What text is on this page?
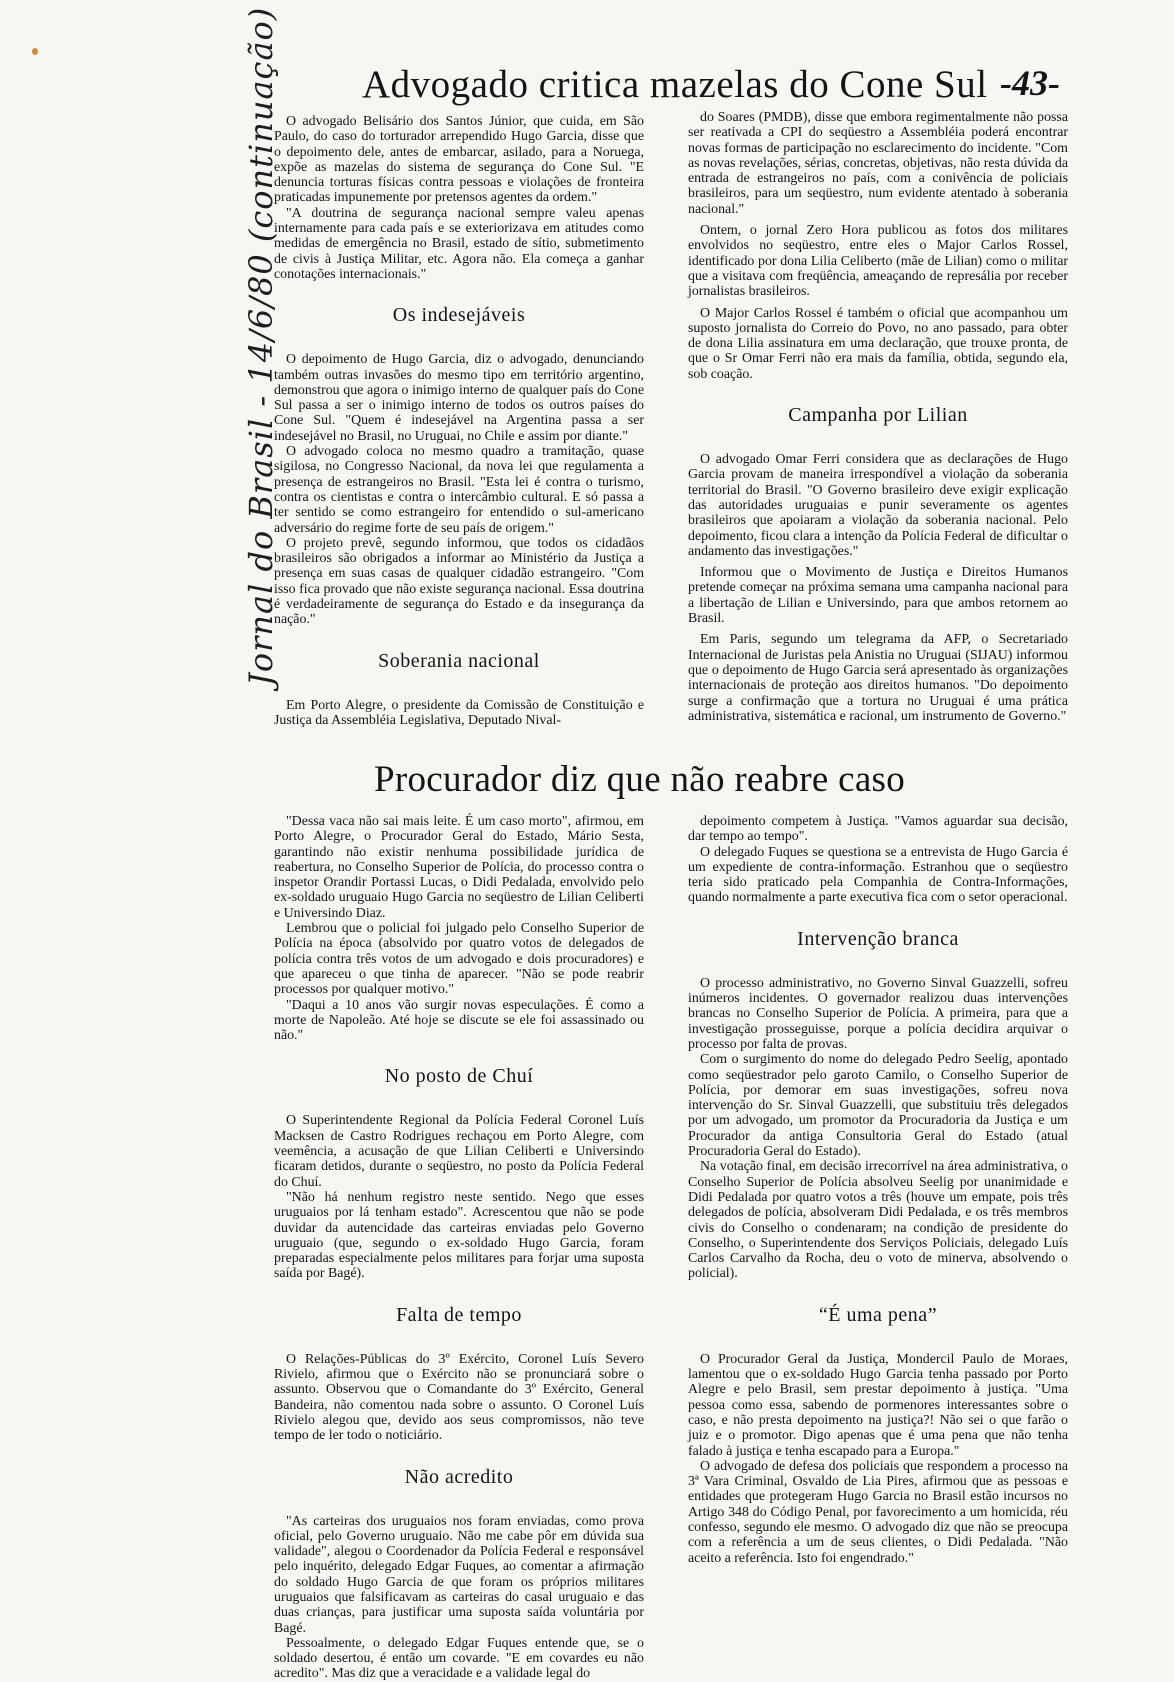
Jornal do Brasil - 14/6/80 (continuação) Advogado critica mazelas do Cone Sul -43-

O advogado Belisário dos Santos Júnior, que cuida, em São Paulo, do caso do torturador arrependido Hugo Garcia, disse que o depoimento dele, antes de embarcar, asilado, para a Noruega, expõe as mazelas do sistema de segurança do Cone Sul. "E denuncia torturas físicas contra pessoas e violações de fronteira praticadas impunemente por pretensos agentes da ordem."

"A doutrina de segurança nacional sempre valeu apenas internamente para cada país e se exteriorizava em atitudes como medidas de emergência no Brasil, estado de sítio, submetimento de civis à Justiça Militar, etc. Agora não. Ela começa a ganhar conotações internacionais."

Os indesejáveis

O depoimento de Hugo Garcia, diz o advogado, denunciando também outras invasões do mesmo tipo em território argentino, demonstrou que agora o inimigo interno de qualquer país do Cone Sul passa a ser o inimigo interno de todos os outros países do Cone Sul. "Quem é indesejável na Argentina passa a ser indesejável no Brasil, no Uruguai, no Chile e assim por diante."

O advogado coloca no mesmo quadro a tramitação, quase sigilosa, no Congresso Nacional, da nova lei que regulamenta a presença de estrangeiros no Brasil. "Esta lei é contra o turismo, contra os cientistas e contra o intercâmbio cultural. E só passa a ter sentido se como estrangeiro for entendido o sul-americano adversário do regime forte de seu país de origem."

O projeto prevê, segundo informou, que todos os cidadãos brasileiros são obrigados a informar ao Ministério da Justiça a presença em suas casas de qualquer cidadão estrangeiro. "Com isso fica provado que não existe segurança nacional. Essa doutrina é verdadeiramente de segurança do Estado e da insegurança da nação."

Soberania nacional

Em Porto Alegre, o presidente da Comissão de Constituição e Justiça da Assembléia Legislativa, Deputado Nival-

do Soares (PMDB), disse que embora regimentalmente não possa ser reativada a CPI do seqüestro a Assembléia poderá encontrar novas formas de participação no esclarecimento do incidente. "Com as novas revelações, sérias, concretas, objetivas, não resta dúvida da entrada de estrangeiros no país, com a conivência de policiais brasileiros, para um seqüestro, num evidente atentado à soberania nacional."

Ontem, o jornal Zero Hora publicou as fotos dos militares envolvidos no seqüestro, entre eles o Major Carlos Rossel, identificado por dona Lilia Celiberto (mãe de Lilian) como o militar que a visitava com freqüência, ameaçando de represália por receber jornalistas brasileiros.

O Major Carlos Rossel é também o oficial que acompanhou um suposto jornalista do Correio do Povo, no ano passado, para obter de dona Lilia assinatura em uma declaração, que trouxe pronta, de que o Sr Omar Ferri não era mais da família, obtida, segundo ela, sob coação.

Campanha por Lilian

O advogado Omar Ferri considera que as declarações de Hugo Garcia provam de maneira irrespondível a violação da soberania territorial do Brasil. "O Governo brasileiro deve exigir explicação das autoridades uruguaias e punir severamente os agentes brasileiros que apoiaram a violação da soberania nacional. Pelo depoimento, ficou clara a intenção da Polícia Federal de dificultar o andamento das investigações."

Informou que o Movimento de Justiça e Direitos Humanos pretende começar na próxima semana uma campanha nacional para a libertação de Lilian e Universindo, para que ambos retornem ao Brasil.

Em Paris, segundo um telegrama da AFP, o Secretariado Internacional de Juristas pela Anistia no Uruguai (SIJAU) informou que o depoimento de Hugo Garcia será apresentado às organizações internacionais de proteção aos direitos humanos. "Do depoimento surge a confirmação que a tortura no Uruguai é uma prática administrativa, sistemática e racional, um instrumento de Governo."

Procurador diz que não reabre caso

"Dessa vaca não sai mais leite. É um caso morto", afirmou, em Porto Alegre, o Procurador Geral do Estado, Mário Sesta, garantindo não existir nenhuma possibilidade jurídica de reabertura, no Conselho Superior de Polícia, do processo contra o inspetor Orandir Portassi Lucas, o Didi Pedalada, envolvido pelo ex-soldado uruguaio Hugo Garcia no seqüestro de Lilian Celiberti e Universindo Diaz.

Lembrou que o policial foi julgado pelo Conselho Superior de Polícia na época (absolvido por quatro votos de delegados de polícia contra três votos de um advogado e dois procuradores) e que apareceu o que tinha de aparecer. "Não se pode reabrir processos por qualquer motivo."

"Daqui a 10 anos vão surgir novas especulações. É como a morte de Napoleão. Até hoje se discute se ele foi assassinado ou não."

No posto de Chuí

O Superintendente Regional da Polícia Federal Coronel Luís Macksen de Castro Rodrigues rechaçou em Porto Alegre, com veemência, a acusação de que Lilian Celiberti e Universindo ficaram detidos, durante o seqüestro, no posto da Polícia Federal do Chuí.

"Não há nenhum registro neste sentido. Nego que esses uruguaios por lá tenham estado". Acrescentou que não se pode duvidar da autencidade das carteiras enviadas pelo Governo uruguaio (que, segundo o ex-soldado Hugo Garcia, foram preparadas especialmente pelos militares para forjar uma suposta saída por Bagé).

Falta de tempo

O Relações-Públicas do 3º Exército, Coronel Luís Severo Rivielo, afirmou que o Exército não se pronunciará sobre o assunto. Observou que o Comandante do 3º Exército, General Bandeira, não comentou nada sobre o assunto. O Coronel Luís Rivielo alegou que, devido aos seus compromissos, não teve tempo de ler todo o noticiário.

Não acredito

"As carteiras dos uruguaios nos foram enviadas, como prova oficial, pelo Governo uruguaio. Não me cabe pôr em dúvida sua validade", alegou o Coordenador da Polícia Federal e responsável pelo inquérito, delegado Edgar Fuques, ao comentar a afirmação do soldado Hugo Garcia de que foram os próprios militares uruguaios que falsificavam as carteiras do casal uruguaio e das duas crianças, para justificar uma suposta saída voluntária por Bagé.

Pessoalmente, o delegado Edgar Fuques entende que, se o soldado desertou, é então um covarde. "E em covardes eu não acredito". Mas diz que a veracidade e a validade legal do

depoimento competem à Justiça. "Vamos aguardar sua decisão, dar tempo ao tempo".

O delegado Fuques se questiona se a entrevista de Hugo Garcia é um expediente de contra-informação. Estranhou que o seqüestro teria sido praticado pela Companhia de Contra-Informações, quando normalmente a parte executiva fica com o setor operacional.

Intervenção branca

O processo administrativo, no Governo Sinval Guazzelli, sofreu inúmeros incidentes. O governador realizou duas intervenções brancas no Conselho Superior de Polícia. A primeira, para que a investigação prosseguisse, porque a polícia decidira arquivar o processo por falta de provas.

Com o surgimento do nome do delegado Pedro Seelig, apontado como seqüestrador pelo garoto Camilo, o Conselho Superior de Polícia, por demorar em suas investigações, sofreu nova intervenção do Sr. Sinval Guazzelli, que substituiu três delegados por um advogado, um promotor da Procuradoria da Justiça e um Procurador da antiga Consultoria Geral do Estado (atual Procuradoria Geral do Estado).

Na votação final, em decisão irrecorrível na área administrativa, o Conselho Superior de Polícia absolveu Seelig por unanimidade e Didi Pedalada por quatro votos a três (houve um empate, pois três delegados de polícia, absolveram Didi Pedalada, e os três membros civis do Conselho o condenaram; na condição de presidente do Conselho, o Superintendente dos Serviços Policiais, delegado Luís Carlos Carvalho da Rocha, deu o voto de minerva, absolvendo o policial).

“É uma pena”

O Procurador Geral da Justiça, Mondercil Paulo de Moraes, lamentou que o ex-soldado Hugo Garcia tenha passado por Porto Alegre e pelo Brasil, sem prestar depoimento à justiça. "Uma pessoa como essa, sabendo de pormenores interessantes sobre o caso, e não presta depoimento na justiça?! Não sei o que farão o juiz e o promotor. Digo apenas que é uma pena que não tenha falado à justiça e tenha escapado para a Europa."

O advogado de defesa dos policiais que respondem a processo na 3ª Vara Criminal, Osvaldo de Lia Pires, afirmou que as pessoas e entidades que protegeram Hugo Garcia no Brasil estão incursos no Artigo 348 do Código Penal, por favorecimento a um homicida, réu confesso, segundo ele mesmo. O advogado diz que não se preocupa com a referência a um de seus clientes, o Didi Pedalada. "Não aceito a referência. Isto foi engendrado."
